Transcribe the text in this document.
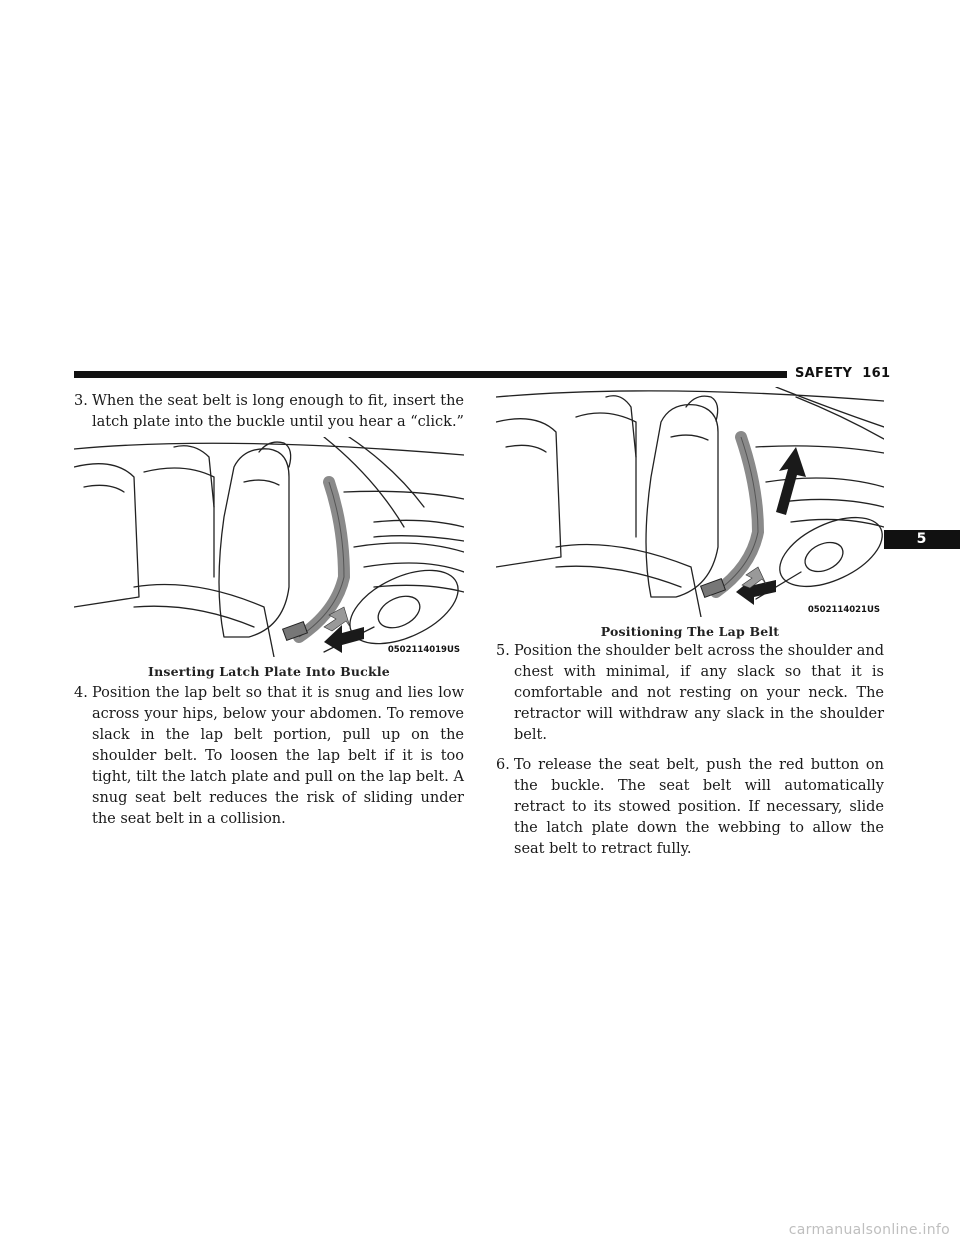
SAFETY 161
5

3. When the seat belt is long enough to fit, insert the latch plate into the buckle until you hear a “click.”

0502114019US
Inserting Latch Plate Into Buckle

4. Position the lap belt so that it is snug and lies low across your hips, below your abdomen. To remove slack in the lap belt portion, pull up on the shoulder belt. To loosen the lap belt if it is too tight, tilt the latch plate and pull on the lap belt. A snug seat belt reduces the risk of sliding under the seat belt in a collision.

0502114021US
Positioning The Lap Belt

5. Position the shoulder belt across the shoulder and chest with minimal, if any slack so that it is comfortable and not resting on your neck. The retractor will withdraw any slack in the shoulder belt.

6. To release the seat belt, push the red button on the buckle. The seat belt will automatically retract to its stowed position. If necessary, slide the latch plate down the webbing to allow the seat belt to retract fully.

carmanualsonline.info
